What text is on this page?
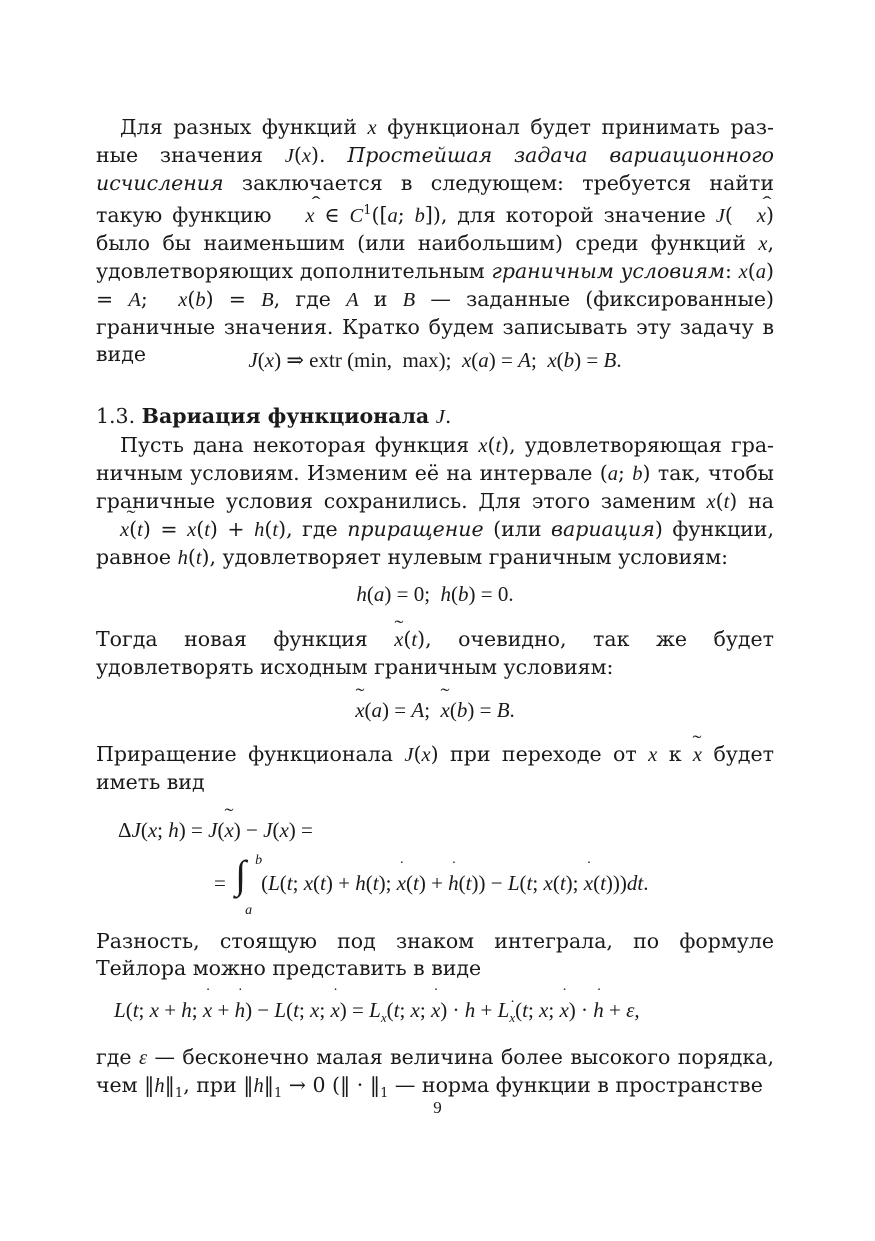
Для разных функций x функционал будет принимать разные значения J(x). Простейшая задача вариационного исчисления заключается в следующем: требуется найти такую функцию ˆ x ∈ $C^1([a$; b]), для которой значение J( ˆ x) было бы наименьшим (или наибольшим) среди функций x, удовлетворяющих дополнительным граничным условиям: x(a) = A;  x(b) = B, где A и B — заданные (фиксированные) граничные значения. Кратко будем записывать эту задачу в виде	J(x) ⇒ extr (min,  max);  x(a) = A;  x(b) = B.

1.3. Вариация функционала J.

Пусть дана некоторая функция x(t), удовлетворяющая граничным условиям. Изменим её на интервале (a; b) так, чтобы граничные условия сохранились. Для этого заменим x(t) на ˜ x(t) = x(t) + h(t), где приращение (или вариация) функции, равное h(t), удовлетворяет нулевым граничным условиям:

h(a) = 0;  h(b) = 0.

Тогда новая функция ˜ x(t), очевидно, так же будет удовлетворять исходным граничным условиям:

˜ x(a) = A;  ˜ x(b) = B.

Приращение функционала J(x) при переходе от x к ˜ x будет иметь вид

ΔJ(x; h) = J(˜ x) − J(x) =
= ∫ b
a
(L(t; x(t) + h(t); ˙ x(t) + ˙ h(t)) − L(t; x(t); ˙ x(t)))dt.

Разность, стоящую под знаком интеграла, по формуле Тейлора можно представить в виде

L(t; x + h; ˙ x + ˙ h) − L(t; x; ˙ $x) = L_x(t$; x; ˙ x) · h + L˙ $_x$(t; x; ˙ x) · ˙ h + ε,

где ε — бесконечно малая величина более высокого порядка, чем $‖h‖_1$, при $‖h‖_1 \to 0$ (‖ · $‖_1$ — норма функции в пространстве

9
